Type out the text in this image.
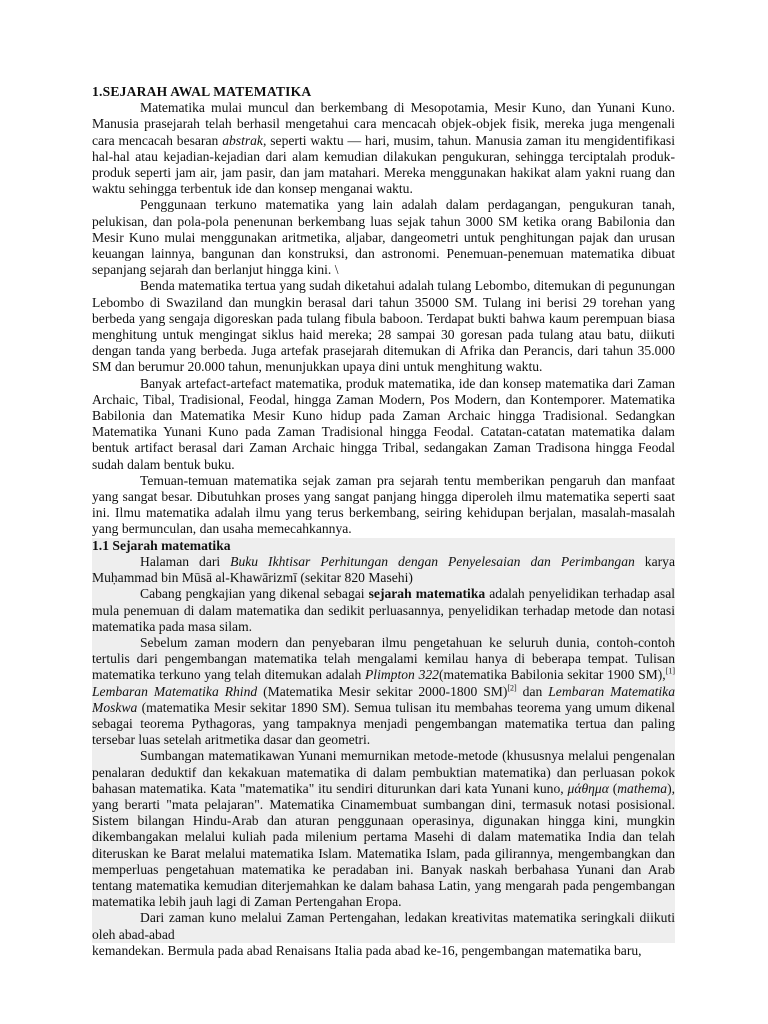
1.SEJARAH AWAL MATEMATIKA

Matematika mulai muncul dan berkembang di Mesopotamia, Mesir Kuno, dan Yunani Kuno. Manusia prasejarah telah berhasil mengetahui cara mencacah objek-objek fisik, mereka juga mengenali cara mencacah besaran abstrak, seperti waktu — hari, musim, tahun. Manusia zaman itu mengidentifikasi hal-hal atau kejadian-kejadian dari alam kemudian dilakukan pengukuran, sehingga terciptalah produk-produk seperti jam air, jam pasir, dan jam matahari. Mereka menggunakan hakikat alam yakni ruang dan waktu sehingga terbentuk ide dan konsep menganai waktu.

Penggunaan terkuno matematika yang lain adalah dalam perdagangan, pengukuran tanah, pelukisan, dan pola-pola penenunan berkembang luas sejak tahun 3000 SM ketika orang Babilonia dan Mesir Kuno mulai menggunakan aritmetika, aljabar, dangeometri untuk penghitungan pajak dan urusan keuangan lainnya, bangunan dan konstruksi, dan astronomi. Penemuan-penemuan matematika dibuat sepanjang sejarah dan berlanjut hingga kini. \

Benda matematika tertua yang sudah diketahui adalah tulang Lebombo, ditemukan di pegunungan Lebombo di Swaziland dan mungkin berasal dari tahun 35000 SM. Tulang ini berisi 29 torehan yang berbeda yang sengaja digoreskan pada tulang fibula baboon. Terdapat bukti bahwa kaum perempuan biasa menghitung untuk mengingat siklus haid mereka; 28 sampai 30 goresan pada tulang atau batu, diikuti dengan tanda yang berbeda. Juga artefak prasejarah ditemukan di Afrika dan Perancis, dari tahun 35.000 SM dan berumur 20.000 tahun, menunjukkan upaya dini untuk menghitung waktu.

Banyak artefact-artefact matematika, produk matematika, ide dan konsep matematika dari Zaman Archaic, Tibal, Tradisional, Feodal, hingga Zaman Modern, Pos Modern, dan Kontemporer. Matematika Babilonia dan Matematika Mesir Kuno hidup pada Zaman Archaic hingga Tradisional. Sedangkan Matematika Yunani Kuno pada Zaman Tradisional hingga Feodal. Catatan-catatan matematika dalam bentuk artifact berasal dari Zaman Archaic hingga Tribal, sedangakan Zaman Tradisona hingga Feodal sudah dalam bentuk buku.

Temuan-temuan matematika sejak zaman pra sejarah tentu memberikan pengaruh dan manfaat yang sangat besar. Dibutuhkan proses yang sangat panjang hingga diperoleh ilmu matematika seperti saat ini. Ilmu matematika adalah ilmu yang terus berkembang, seiring kehidupan berjalan, masalah-masalah yang bermunculan, dan usaha memecahkannya.

1.1 Sejarah matematika

Halaman dari Buku Ikhtisar Perhitungan dengan Penyelesaian dan Perimbangan karya Muḥammad bin Mūsā al-Khawārizmī (sekitar 820 Masehi)

Cabang pengkajian yang dikenal sebagai sejarah matematika adalah penyelidikan terhadap asal mula penemuan di dalam matematika dan sedikit perluasannya, penyelidikan terhadap metode dan notasi matematika pada masa silam.

Sebelum zaman modern dan penyebaran ilmu pengetahuan ke seluruh dunia, contoh-contoh tertulis dari pengembangan matematika telah mengalami kemilau hanya di beberapa tempat. Tulisan matematika terkuno yang telah ditemukan adalah Plimpton 322(matematika Babilonia sekitar 1900 SM),[1] Lembaran Matematika Rhind (Matematika Mesir sekitar 2000-1800 SM)[2] dan Lembaran Matematika Moskwa (matematika Mesir sekitar 1890 SM). Semua tulisan itu membahas teorema yang umum dikenal sebagai teorema Pythagoras, yang tampaknya menjadi pengembangan matematika tertua dan paling tersebar luas setelah aritmetika dasar dan geometri.

Sumbangan matematikawan Yunani memurnikan metode-metode (khususnya melalui pengenalan penalaran deduktif dan kekakuan matematika di dalam pembuktian matematika) dan perluasan pokok bahasan matematika. Kata "matematika" itu sendiri diturunkan dari kata Yunani kuno, μάθημα (mathema), yang berarti "mata pelajaran". Matematika Cinamembuat sumbangan dini, termasuk notasi posisional. Sistem bilangan Hindu-Arab dan aturan penggunaan operasinya, digunakan hingga kini, mungkin dikembangakan melalui kuliah pada milenium pertama Masehi di dalam matematika India dan telah diteruskan ke Barat melalui matematika Islam. Matematika Islam, pada gilirannya, mengembangkan dan memperluas pengetahuan matematika ke peradaban ini. Banyak naskah berbahasa Yunani dan Arab tentang matematika kemudian diterjemahkan ke dalam bahasa Latin, yang mengarah pada pengembangan matematika lebih jauh lagi di Zaman Pertengahan Eropa.

Dari zaman kuno melalui Zaman Pertengahan, ledakan kreativitas matematika seringkali diikuti oleh abad-abad

kemandekan. Bermula pada abad Renaisans Italia pada abad ke-16, pengembangan matematika baru,
